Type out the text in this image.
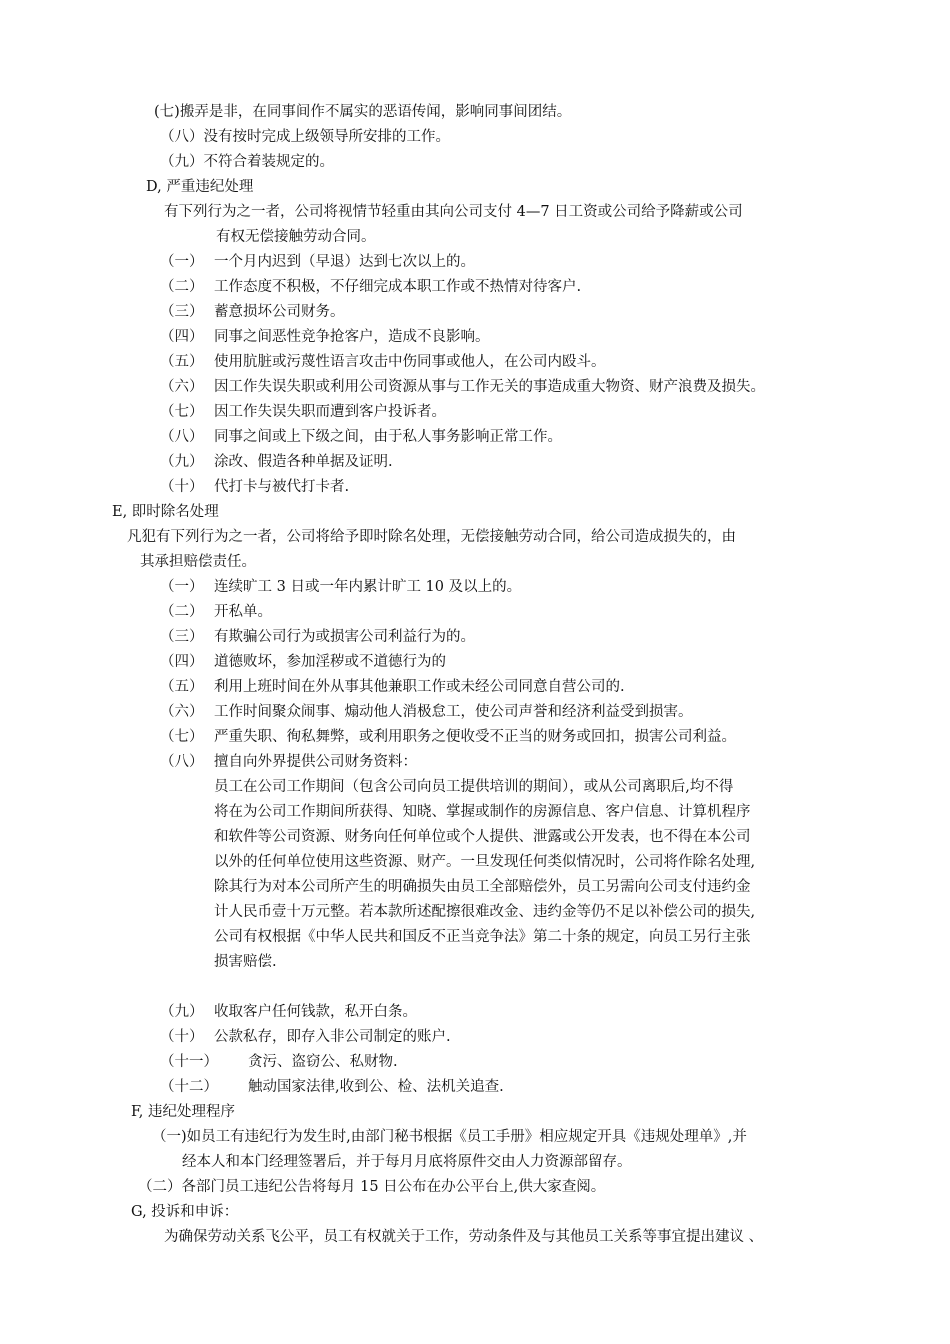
(七)搬弄是非，在同事间作不属实的恶语传闻，影响同事间团结。
（八）没有按时完成上级领导所安排的工作。
（九）不符合着装规定的。
D, 严重违纪处理
有下列行为之一者，公司将视情节轻重由其向公司支付 4—7 日工资或公司给予降薪或公司
有权无偿接触劳动合同。
（一） 一个月内迟到（早退）达到七次以上的。
（二） 工作态度不积极，不仔细完成本职工作或不热情对待客户.
（三） 蓄意损坏公司财务。
（四） 同事之间恶性竞争抢客户，造成不良影响。
（五） 使用肮脏或污蔑性语言攻击中伤同事或他人，在公司内殴斗。
（六） 因工作失误失职或利用公司资源从事与工作无关的事造成重大物资、财产浪费及损失。
（七） 因工作失误失职而遭到客户投诉者。
（八） 同事之间或上下级之间，由于私人事务影响正常工作。
（九） 涂改、假造各种单据及证明.
（十） 代打卡与被代打卡者.
E, 即时除名处理
凡犯有下列行为之一者，公司将给予即时除名处理，无偿接触劳动合同，给公司造成损失的，由
其承担赔偿责任。
（一） 连续旷工 3 日或一年内累计旷工 10 及以上的。
（二） 开私单。
（三） 有欺骗公司行为或损害公司利益行为的。
（四） 道德败坏，参加淫秽或不道德行为的
（五） 利用上班时间在外从事其他兼职工作或未经公司同意自营公司的.
（六） 工作时间聚众闹事、煽动他人消极怠工，使公司声誉和经济利益受到损害。
（七） 严重失职、徇私舞弊，或利用职务之便收受不正当的财务或回扣，损害公司利益。
（八） 擅自向外界提供公司财务资料：
员工在公司工作期间（包含公司向员工提供培训的期间），或从公司离职后,均不得
将在为公司工作期间所获得、知晓、掌握或制作的房源信息、客户信息、计算机程序
和软件等公司资源、财务向任何单位或个人提供、泄露或公开发表，也不得在本公司
以外的任何单位使用这些资源、财产。一旦发现任何类似情况时，公司将作除名处理,
除其行为对本公司所产生的明确损失由员工全部赔偿外，员工另需向公司支付违约金
计人民币壹十万元整。若本款所述配擦很难改金、违约金等仍不足以补偿公司的损失,
公司有权根据《中华人民共和国反不正当竞争法》第二十条的规定，向员工另行主张
损害赔偿.
（九） 收取客户任何钱款，私开白条。
（十） 公款私存，即存入非公司制定的账户.
（十一） 贪污、盗窃公、私财物.
（十二） 触动国家法律,收到公、检、法机关追查.
F, 违纪处理程序
（一)如员工有违纪行为发生时,由部门秘书根据《员工手册》相应规定开具《违规处理单》,并
经本人和本门经理签署后，并于每月月底将原件交由人力资源部留存。
（二）各部门员工违纪公告将每月 15 日公布在办公平台上,供大家查阅。
G, 投诉和申诉：
为确保劳动关系飞公平，员工有权就关于工作，劳动条件及与其他员工关系等事宜提出建议 、
